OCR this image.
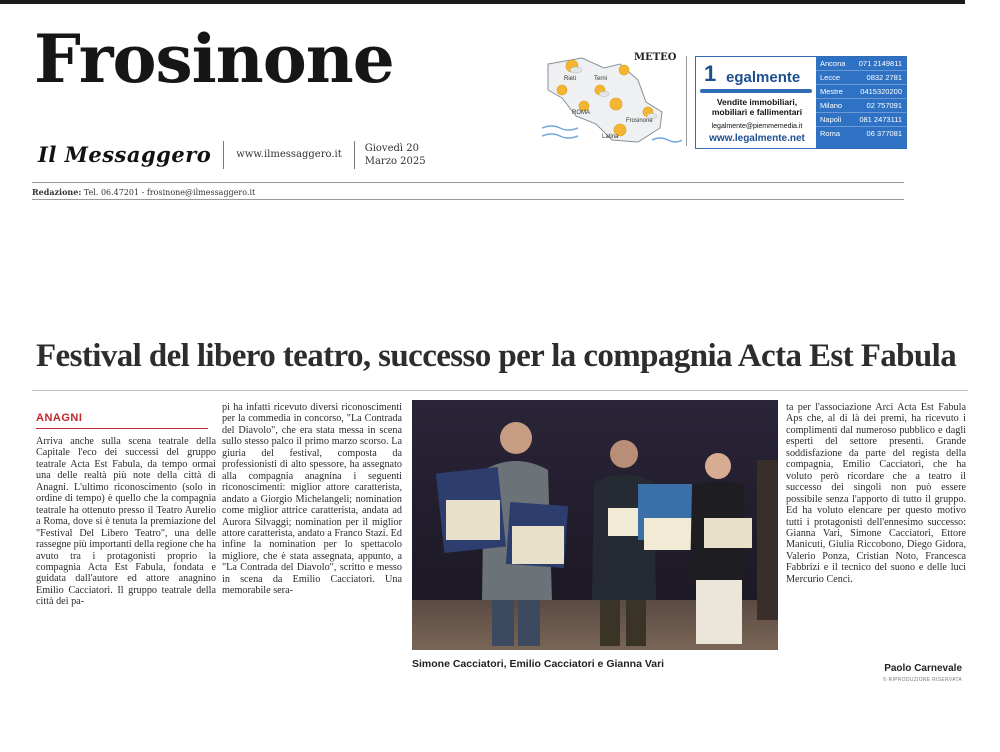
Frosinone
Il Messaggero	www.ilmessaggero.it
Giovedì 20
Marzo 2025
Rieti	Terni
ROMA
Latina
Frosinone
METEO
1 egalmente
Vendite immobiliari, mobiliari e fallimentari
legalmente@piemmemedia.it
www.legalmente.net
Ancona 071 2149811
Lecce	0832 2781
Mestre 0415320200
Milano	02 757091
Napoli 081 2473111
Roma	06 377081
Redazione: Tel. 06.47201 - frosinone@ilmessaggero.it
Festival del libero teatro, successo per la compagnia Acta Est Fabula
ANAGNI
Arriva anche sulla scena teatrale della Capitale l'eco dei successi del gruppo teatrale Acta Est Fabula, da tempo ormai una delle realtà più note della città di Anagni. L'ultimo riconoscimento (solo in ordine di tempo) è quello che la compagnia teatrale ha ottenuto presso il Teatro Aurelio a Roma, dove si è tenuta la premiazione del "Festival Del Libero Teatro", una delle rassegne più importanti della regione che ha avuto tra i protagonisti proprio la compagnia Acta Est Fabula, fondata e guidata dall'autore ed attore anagnino Emilio Cacciatori. Il gruppo teatrale della città dei pa-
pi ha infatti ricevuto diversi riconoscimenti per la commedia in concorso, "La Contrada del Diavolo", che era stata messa in scena sullo stesso palco il primo marzo scorso. La giuria del festival, composta da professionisti di alto spessore, ha assegnato alla compagnia anagnina i seguenti riconoscimenti: miglior attore caratterista, andato a Giorgio Michelangeli; nomination come miglior attrice caratterista, andata ad Aurora Silvaggi; nomination per il miglior attore caratterista, andato a Franco Stazi. Ed infine la nomination per lo spettacolo migliore, che è stata assegnata, appunto, a "La Contrada del Diavolo", scritto e messo in scena da Emilio Cacciatori. Una memorabile sera-
Simone Cacciatori, Emilio Cacciatori e Gianna Vari
ta per l'associazione Arci Acta Est Fabula Aps che, al di là dei premi, ha ricevuto i complimenti dal numeroso pubblico e dagli esperti del settore presenti. Grande soddisfazione da parte del regista della compagnia, Emilio Cacciatori, che ha voluto però ricordare che a teatro il successo dei singoli non può essere possibile senza l'apporto di tutto il gruppo. Ed ha voluto elencare per questo motivo tutti i protagonisti dell'ennesimo successo: Gianna Vari, Simone Cacciatori, Ettore Manicuti, Giulia Riccobono, Diego Gidora, Valerio Ponza, Cristian Noto, Francesca Fabbrizi e il tecnico del suono e delle luci Mercurio Cenci.
Paolo Carnevale
© RIPRODUZIONE RISERVATA
